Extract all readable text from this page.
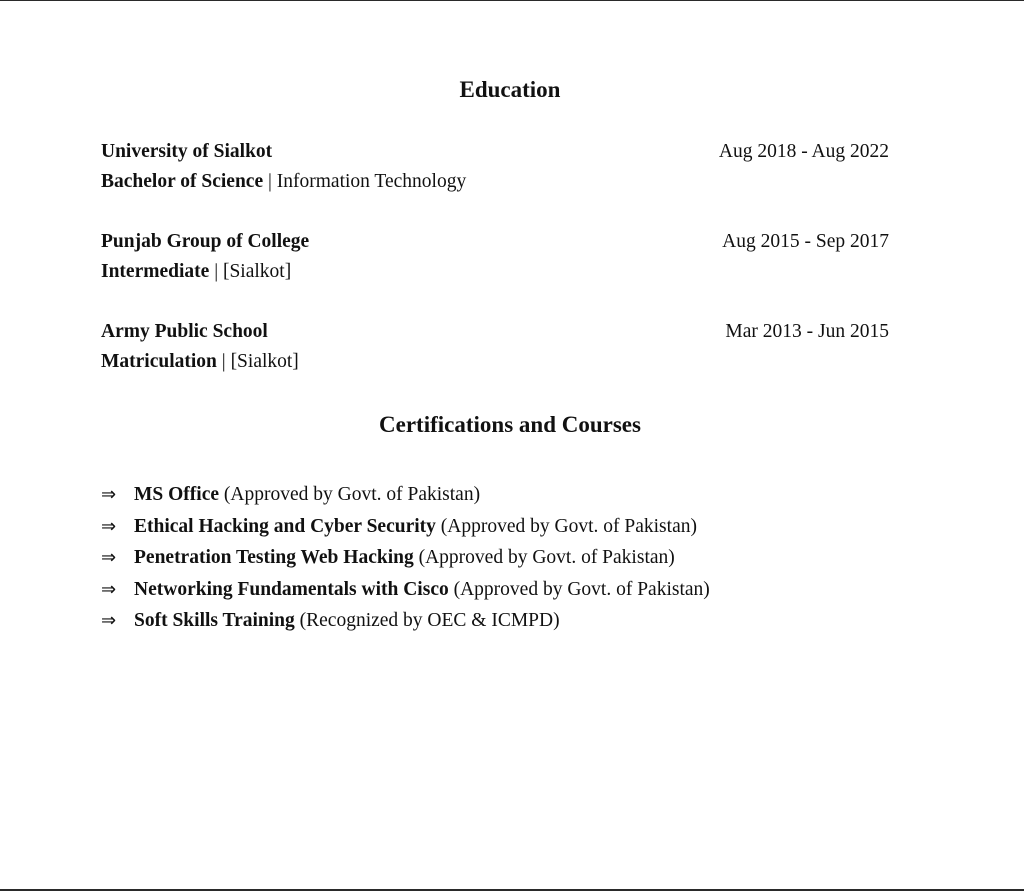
Education
University of Sialkot	Aug 2018 - Aug 2022
Bachelor of Science | Information Technology
Punjab Group of College	Aug 2015 - Sep 2017
Intermediate | [Sialkot]
Army Public School	Mar 2013 - Jun 2015
Matriculation | [Sialkot]
Certifications and Courses
⇒ MS Office (Approved by Govt. of Pakistan)
⇒ Ethical Hacking and Cyber Security (Approved by Govt. of Pakistan)
⇒ Penetration Testing Web Hacking (Approved by Govt. of Pakistan)
⇒ Networking Fundamentals with Cisco (Approved by Govt. of Pakistan)
⇒ Soft Skills Training (Recognized by OEC & ICMPD)
